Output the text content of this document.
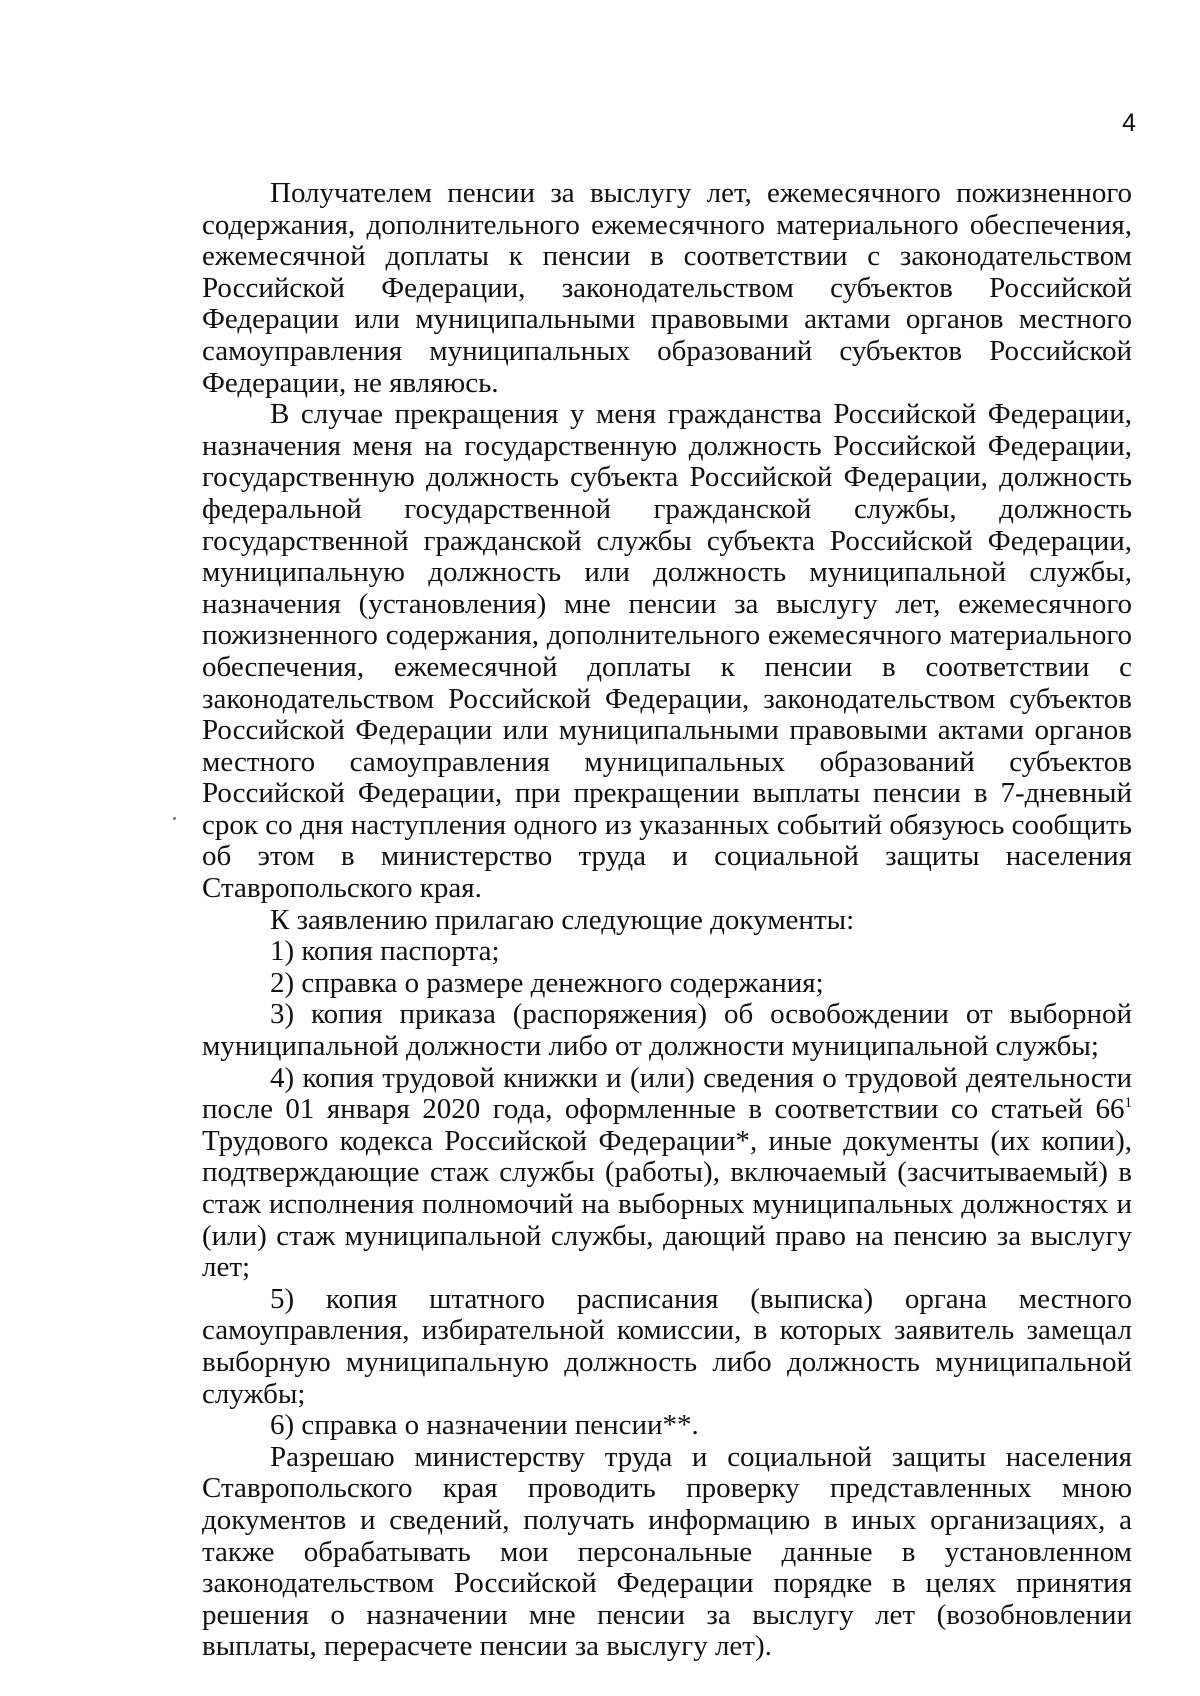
4

Получателем пенсии за выслугу лет, ежемесячного пожизненного содержания, дополнительного ежемесячного материального обеспечения, ежемесячной доплаты к пенсии в соответствии с законодательством Российской Федерации, законодательством субъектов Российской Федерации или муниципальными правовыми актами органов местного самоуправления муниципальных образований субъектов Российской Федерации, не являюсь.

В случае прекращения у меня гражданства Российской Федерации, назначения меня на государственную должность Российской Федерации, государственную должность субъекта Российской Федерации, должность федеральной государственной гражданской службы, должность государственной гражданской службы субъекта Российской Федерации, муниципальную должность или должность муниципальной службы, назначения (установления) мне пенсии за выслугу лет, ежемесячного пожизненного содержания, дополнительного ежемесячного материального обеспечения, ежемесячной доплаты к пенсии в соответствии с законодательством Российской Федерации, законодательством субъектов Российской Федерации или муниципальными правовыми актами органов местного самоуправления муниципальных образований субъектов Российской Федерации, при прекращении выплаты пенсии в 7-дневный срок со дня наступления одного из указанных событий обязуюсь сообщить об этом в министерство труда и социальной защиты населения Ставропольского края.

К заявлению прилагаю следующие документы:

1) копия паспорта;

2) справка о размере денежного содержания;

3) копия приказа (распоряжения) об освобождении от выборной муниципальной должности либо от должности муниципальной службы;

4) копия трудовой книжки и (или) сведения о трудовой деятельности после 01 января 2020 года, оформленные в соответствии со статьей $66^1$ Трудового кодекса Российской Федерации*, иные документы (их копии), подтверждающие стаж службы (работы), включаемый (засчитываемый) в стаж исполнения полномочий на выборных муниципальных должностях и (или) стаж муниципальной службы, дающий право на пенсию за выслугу лет;

5) копия штатного расписания (выписка) органа местного самоуправления, избирательной комиссии, в которых заявитель замещал выборную муниципальную должность либо должность муниципальной службы;

6) справка о назначении пенсии**.

Разрешаю министерству труда и социальной защиты населения Ставропольского края проводить проверку представленных мною документов и сведений, получать информацию в иных организациях, а также обрабатывать мои персональные данные в установленном законодательством Российской Федерации порядке в целях принятия решения о назначении мне пенсии за выслугу лет (возобновлении выплаты, перерасчете пенсии за выслугу лет).
